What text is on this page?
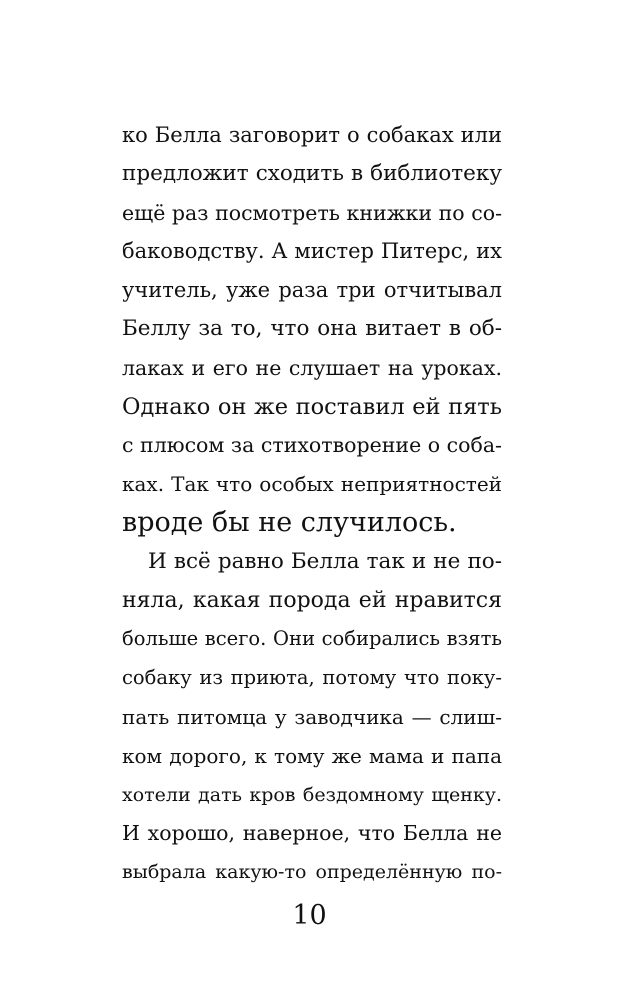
ко Белла заговорит о собаках или
предложит сходить в библиотеку
ещё раз посмотреть книжки по со-
баководству. А мистер Питерс, их
учитель, уже раза три отчитывал
Беллу за то, что она витает в об-
лаках и его не слушает на уроках.
Однако он же поставил ей пять
с плюсом за стихотворение о соба-
ках. Так что особых неприятностей
вроде бы не случилось.
И всё равно Белла так и не по-
няла, какая порода ей нравится
больше всего. Они собирались взять
собаку из приюта, потому что поку-
пать питомца у заводчика — слиш-
ком дорого, к тому же мама и папа
хотели дать кров бездомному щенку.
И хорошо, наверное, что Белла не
выбрала какую-то определённую по-
10
